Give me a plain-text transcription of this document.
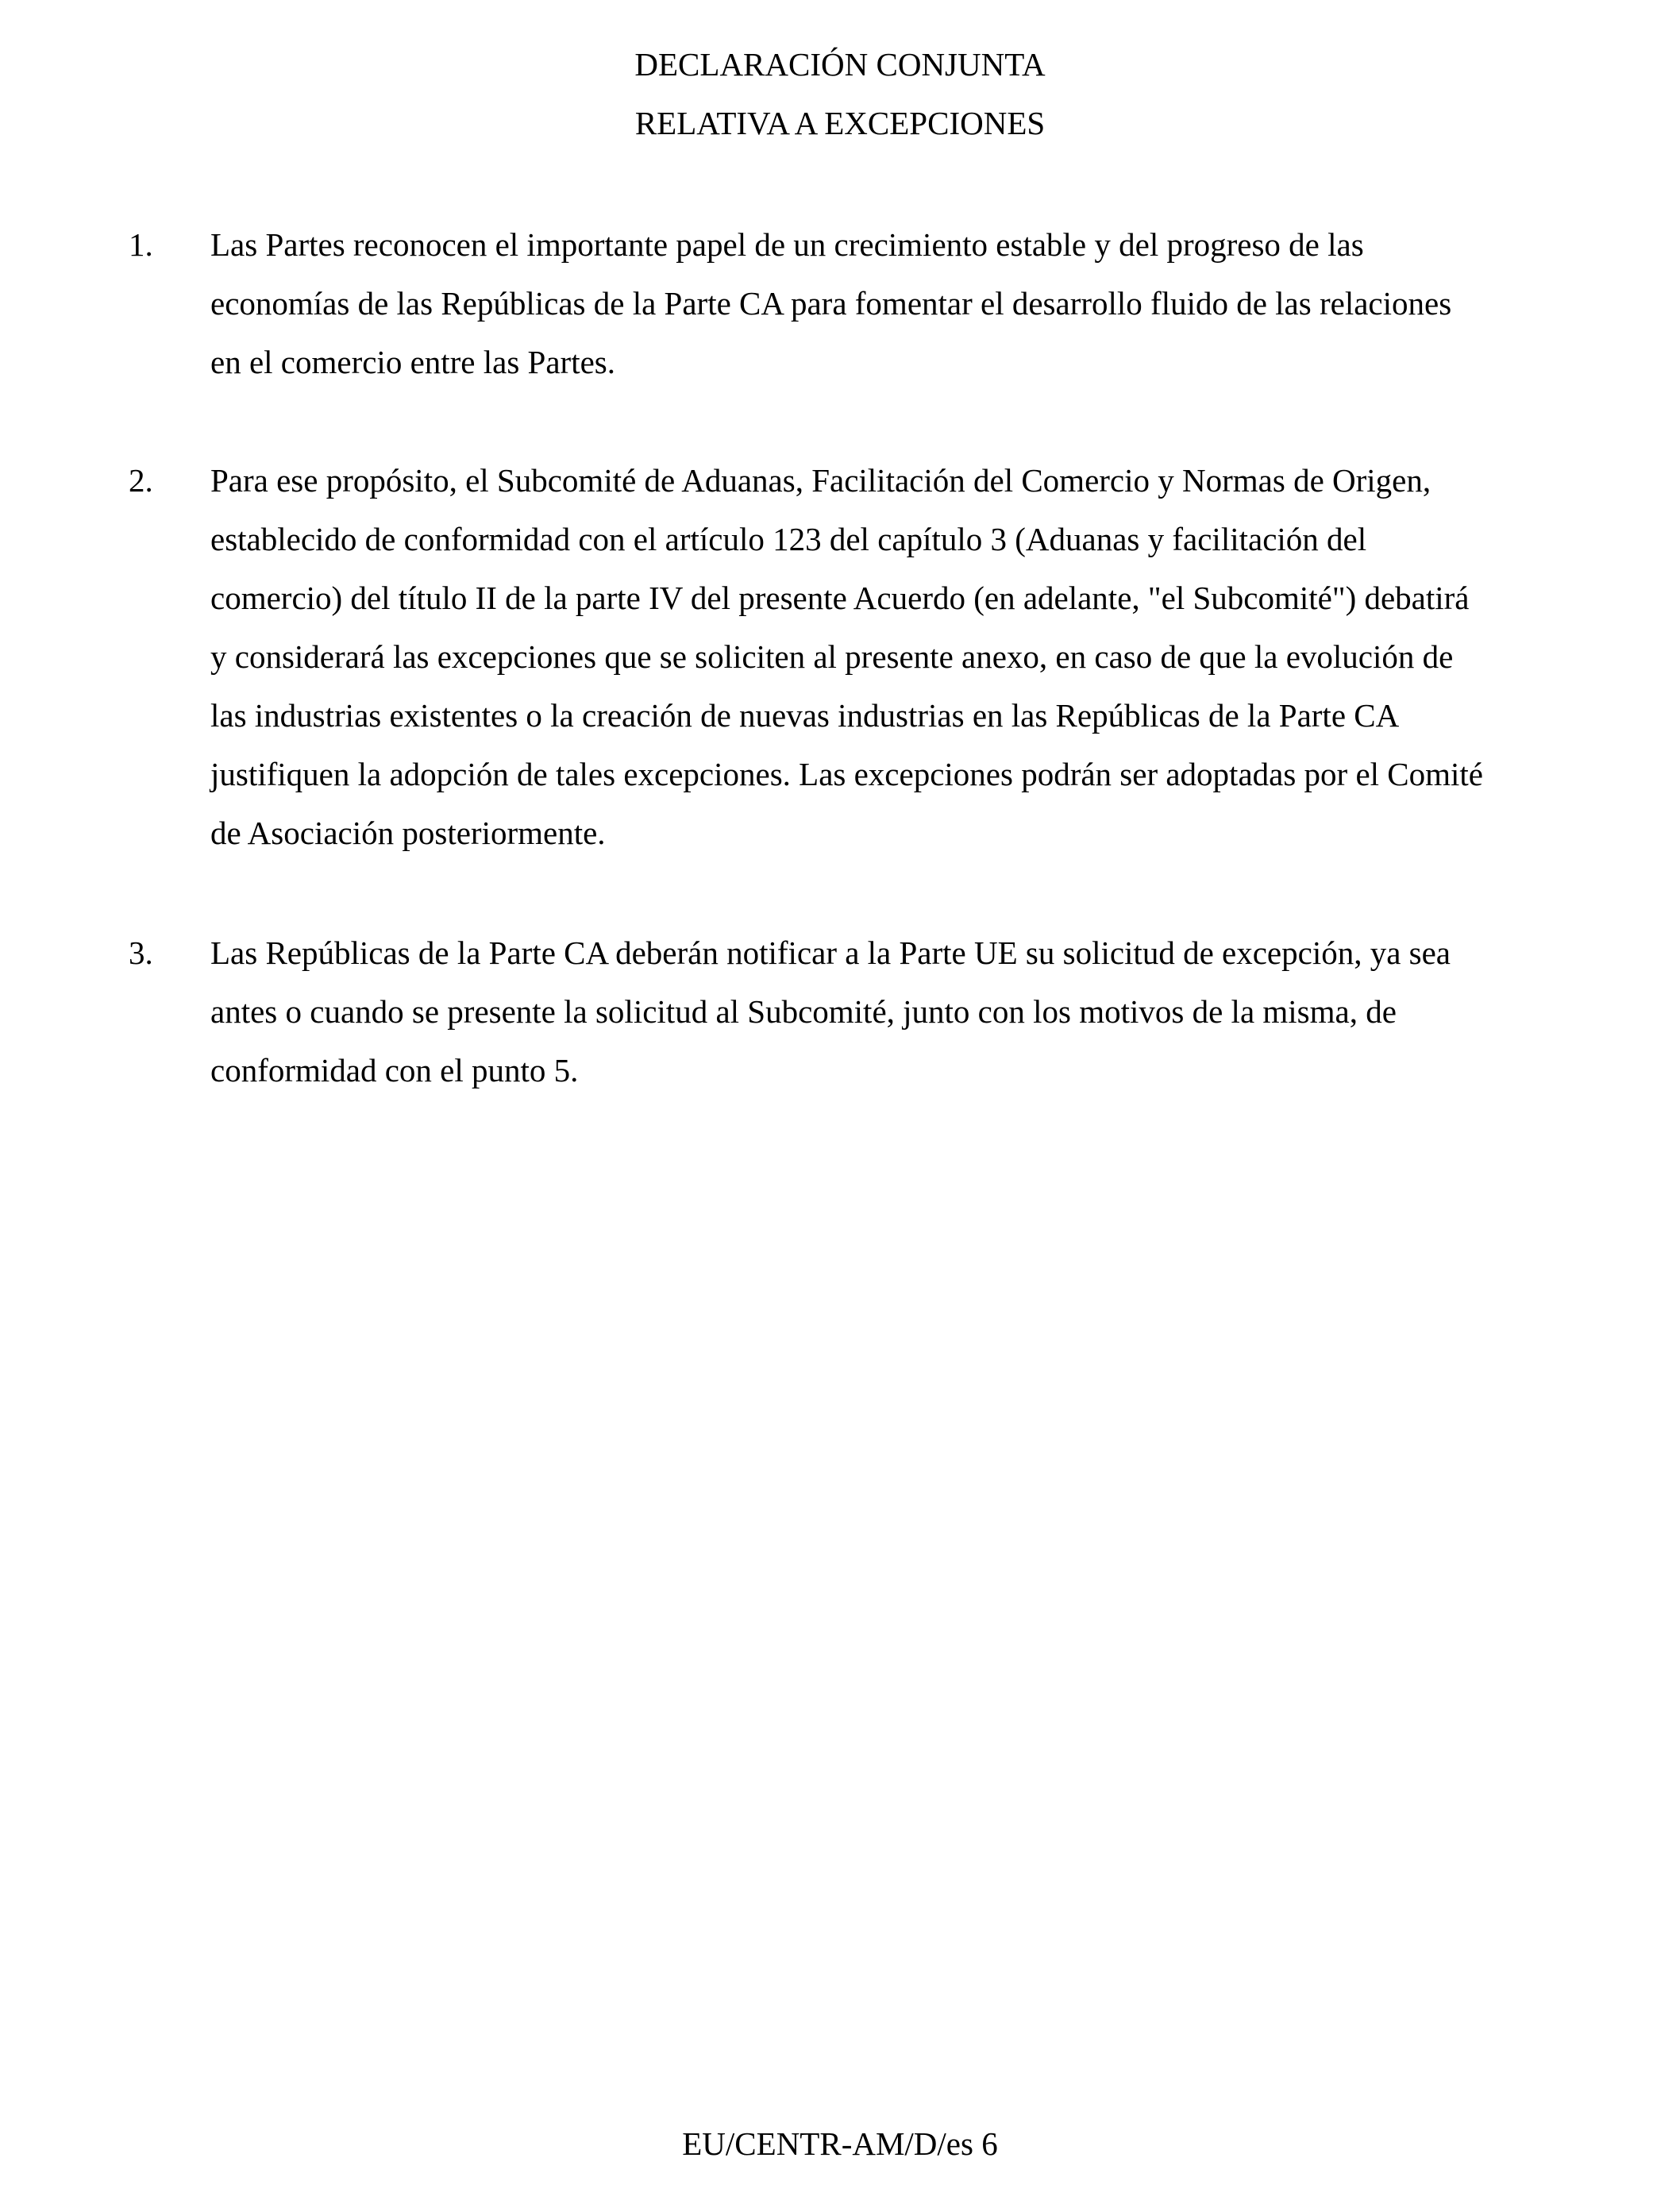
DECLARACIÓN CONJUNTA
RELATIVA A EXCEPCIONES
1.	Las Partes reconocen el importante papel de un crecimiento estable y del progreso de las
economías de las Repúblicas de la Parte CA para fomentar el desarrollo fluido de las relaciones
en el comercio entre las Partes.
2.	Para ese propósito, el Subcomité de Aduanas, Facilitación del Comercio y Normas de Origen,
establecido de conformidad con el artículo 123 del capítulo 3 (Aduanas y facilitación del
comercio) del título II de la parte IV del presente Acuerdo (en adelante, "el Subcomité") debatirá
y considerará las excepciones que se soliciten al presente anexo, en caso de que la evolución de
las industrias existentes o la creación de nuevas industrias en las Repúblicas de la Parte CA
justifiquen la adopción de tales excepciones. Las excepciones podrán ser adoptadas por el Comité
de Asociación posteriormente.
3.	Las Repúblicas de la Parte CA deberán notificar a la Parte UE su solicitud de excepción, ya sea
antes o cuando se presente la solicitud al Subcomité, junto con los motivos de la misma, de
conformidad con el punto 5.
EU/CENTR-AM/D/es 6
